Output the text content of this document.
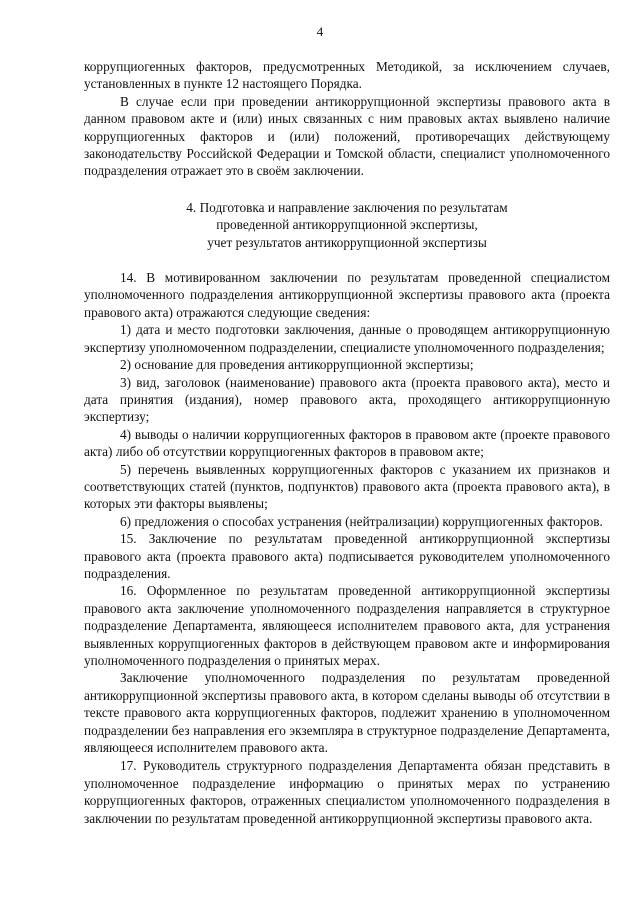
4

коррупциогенных факторов, предусмотренных Методикой, за исключением случаев, установленных в пункте 12 настоящего Порядка.

В случае если при проведении антикоррупционной экспертизы правового акта в данном правовом акте и (или) иных связанных с ним правовых актах выявлено наличие коррупциогенных факторов и (или) положений, противоречащих действующему законодательству Российской Федерации и Томской области, специалист уполномоченного подразделения отражает это в своём заключении.

4. Подготовка и направление заключения по результатам
проведенной антикоррупционной экспертизы,
учет результатов антикоррупционной экспертизы

14. В мотивированном заключении по результатам проведенной специалистом уполномоченного подразделения антикоррупционной экспертизы правового акта (проекта правового акта) отражаются следующие сведения:

1) дата и место подготовки заключения, данные о проводящем антикоррупционную экспертизу уполномоченном подразделении, специалисте уполномоченного подразделения;

2) основание для проведения антикоррупционной экспертизы;

3) вид, заголовок (наименование) правового акта (проекта правового акта), место и дата принятия (издания), номер правового акта, проходящего антикоррупционную экспертизу;

4) выводы о наличии коррупциогенных факторов в правовом акте (проекте правового акта) либо об отсутствии коррупциогенных факторов в правовом акте;

5) перечень выявленных коррупциогенных факторов с указанием их признаков и соответствующих статей (пунктов, подпунктов) правового акта (проекта правового акта), в которых эти факторы выявлены;

6) предложения о способах устранения (нейтрализации) коррупциогенных факторов.

15. Заключение по результатам проведенной антикоррупционной экспертизы правового акта (проекта правового акта) подписывается руководителем уполномоченного подразделения.

16. Оформленное по результатам проведенной антикоррупционной экспертизы правового акта заключение уполномоченного подразделения направляется в структурное подразделение Департамента, являющееся исполнителем правового акта, для устранения выявленных коррупциогенных факторов в действующем правовом акте и информирования уполномоченного подразделения о принятых мерах.

Заключение уполномоченного подразделения по результатам проведенной антикоррупционной экспертизы правового акта, в котором сделаны выводы об отсутствии в тексте правового акта коррупциогенных факторов, подлежит хранению в уполномоченном подразделении без направления его экземпляра в структурное подразделение Департамента, являющееся исполнителем правового акта.

17. Руководитель структурного подразделения Департамента обязан представить в уполномоченное подразделение информацию о принятых мерах по устранению коррупциогенных факторов, отраженных специалистом уполномоченного подразделения в заключении по результатам проведенной антикоррупционной экспертизы правового акта.
